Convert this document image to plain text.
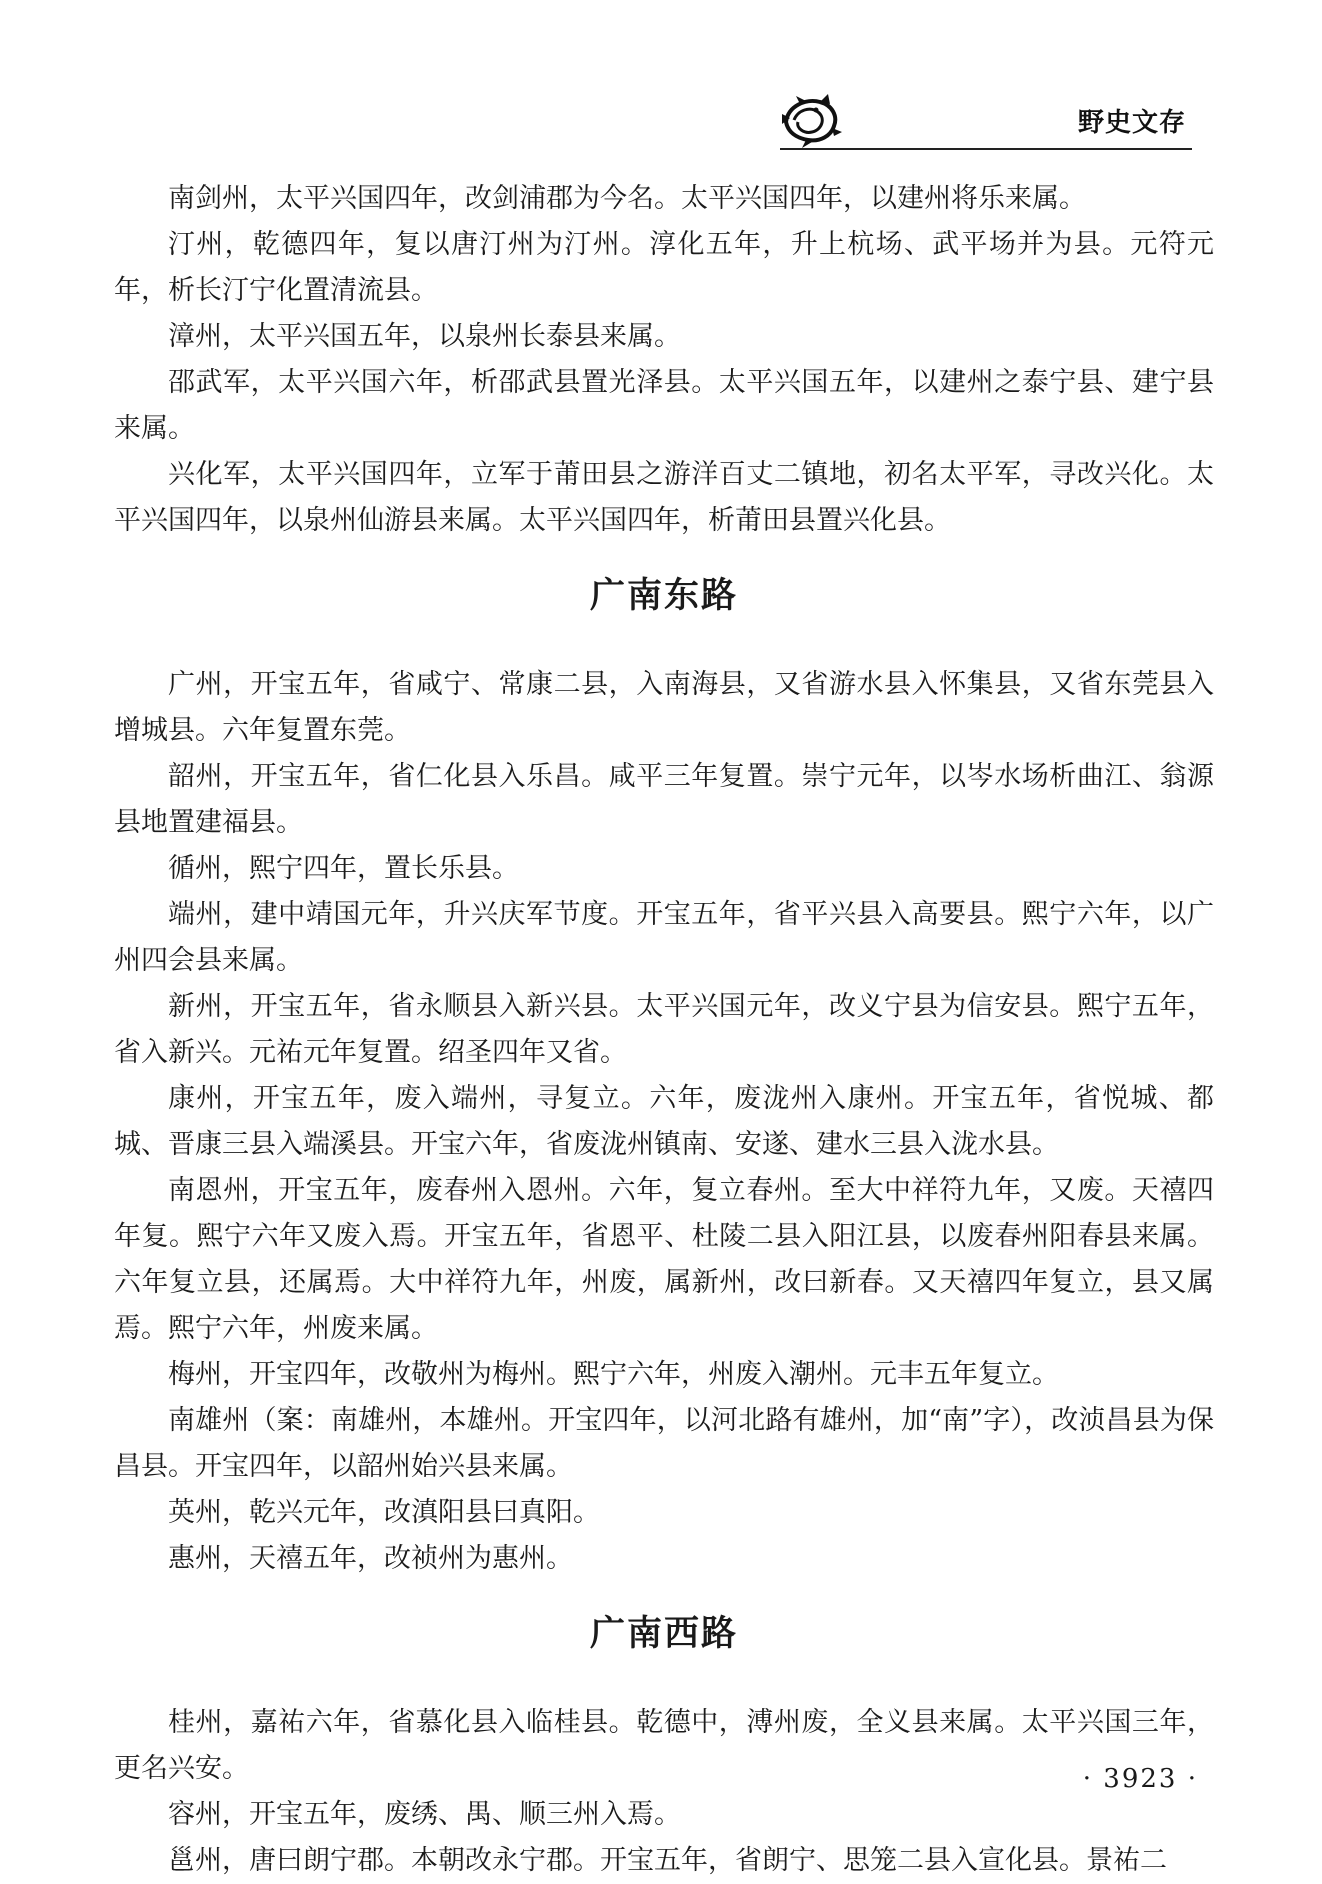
野史文存

南剑州，太平兴国四年，改剑浦郡为今名。太平兴国四年，以建州将乐来属。

汀州，乾德四年，复以唐汀州为汀州。淳化五年，升上杭场、武平场并为县。元符元年，析长汀宁化置清流县。

漳州，太平兴国五年，以泉州长泰县来属。

邵武军，太平兴国六年，析邵武县置光泽县。太平兴国五年，以建州之泰宁县、建宁县来属。

兴化军，太平兴国四年，立军于莆田县之游洋百丈二镇地，初名太平军，寻改兴化。太平兴国四年，以泉州仙游县来属。太平兴国四年，析莆田县置兴化县。

广南东路

广州，开宝五年，省咸宁、常康二县，入南海县，又省游水县入怀集县，又省东莞县入增城县。六年复置东莞。

韶州，开宝五年，省仁化县入乐昌。咸平三年复置。崇宁元年，以岑水场析曲江、翁源县地置建福县。

循州，熙宁四年，置长乐县。

端州，建中靖国元年，升兴庆军节度。开宝五年，省平兴县入高要县。熙宁六年，以广州四会县来属。

新州，开宝五年，省永顺县入新兴县。太平兴国元年，改义宁县为信安县。熙宁五年，省入新兴。元祐元年复置。绍圣四年又省。

康州，开宝五年，废入端州，寻复立。六年，废泷州入康州。开宝五年，省悦城、都城、晋康三县入端溪县。开宝六年，省废泷州镇南、安遂、建水三县入泷水县。

南恩州，开宝五年，废春州入恩州。六年，复立春州。至大中祥符九年，又废。天禧四年复。熙宁六年又废入焉。开宝五年，省恩平、杜陵二县入阳江县，以废春州阳春县来属。六年复立县，还属焉。大中祥符九年，州废，属新州，改曰新春。又天禧四年复立，县又属焉。熙宁六年，州废来属。

梅州，开宝四年，改敬州为梅州。熙宁六年，州废入潮州。元丰五年复立。

南雄州（案：南雄州，本雄州。开宝四年，以河北路有雄州，加“南”字），改浈昌县为保昌县。开宝四年，以韶州始兴县来属。

英州，乾兴元年，改滇阳县曰真阳。

惠州，天禧五年，改祯州为惠州。

广南西路

桂州，嘉祐六年，省慕化县入临桂县。乾德中，溥州废，全义县来属。太平兴国三年，更名兴安。

容州，开宝五年，废绣、禺、顺三州入焉。

邕州，唐曰朗宁郡。本朝改永宁郡。开宝五年，省朗宁、思笼二县入宣化县。景祐二

· 3923 ·
